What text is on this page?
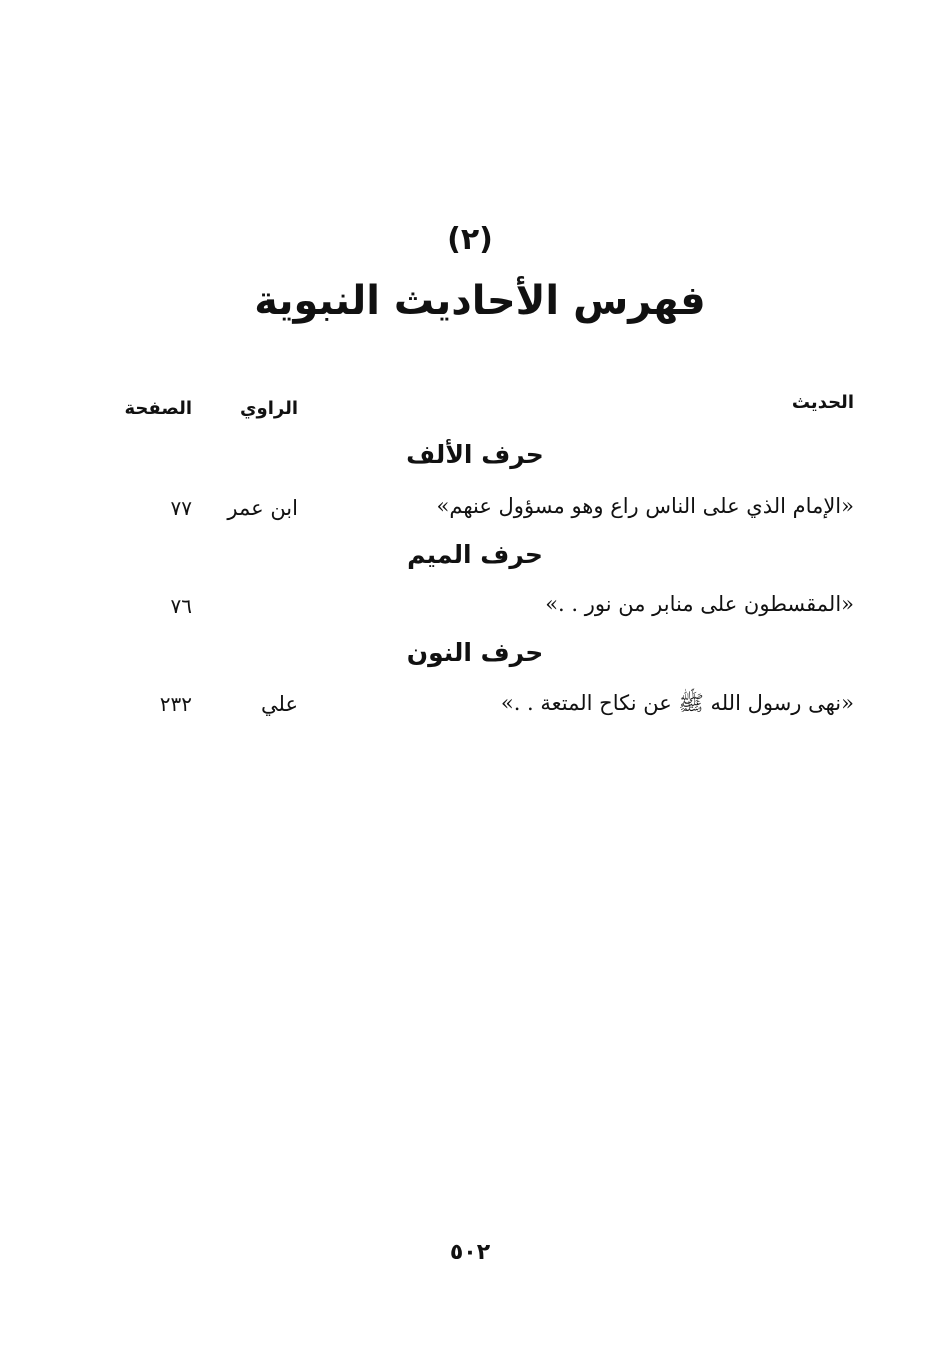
(٢)
فهرس الأحاديث النبوية
الحديث
الراوي
الصفحة
حرف الألف
«الإمام الذي على الناس راع وهو مسؤول عنهم»
ابن عمر
٧٧
حرف الميم
«المقسطون على منابر من نور . .»
٧٦
حرف النون
«نهى رسول الله ﷺ عن نكاح المتعة . .»
علي
٢٣٢
٥٠٢
